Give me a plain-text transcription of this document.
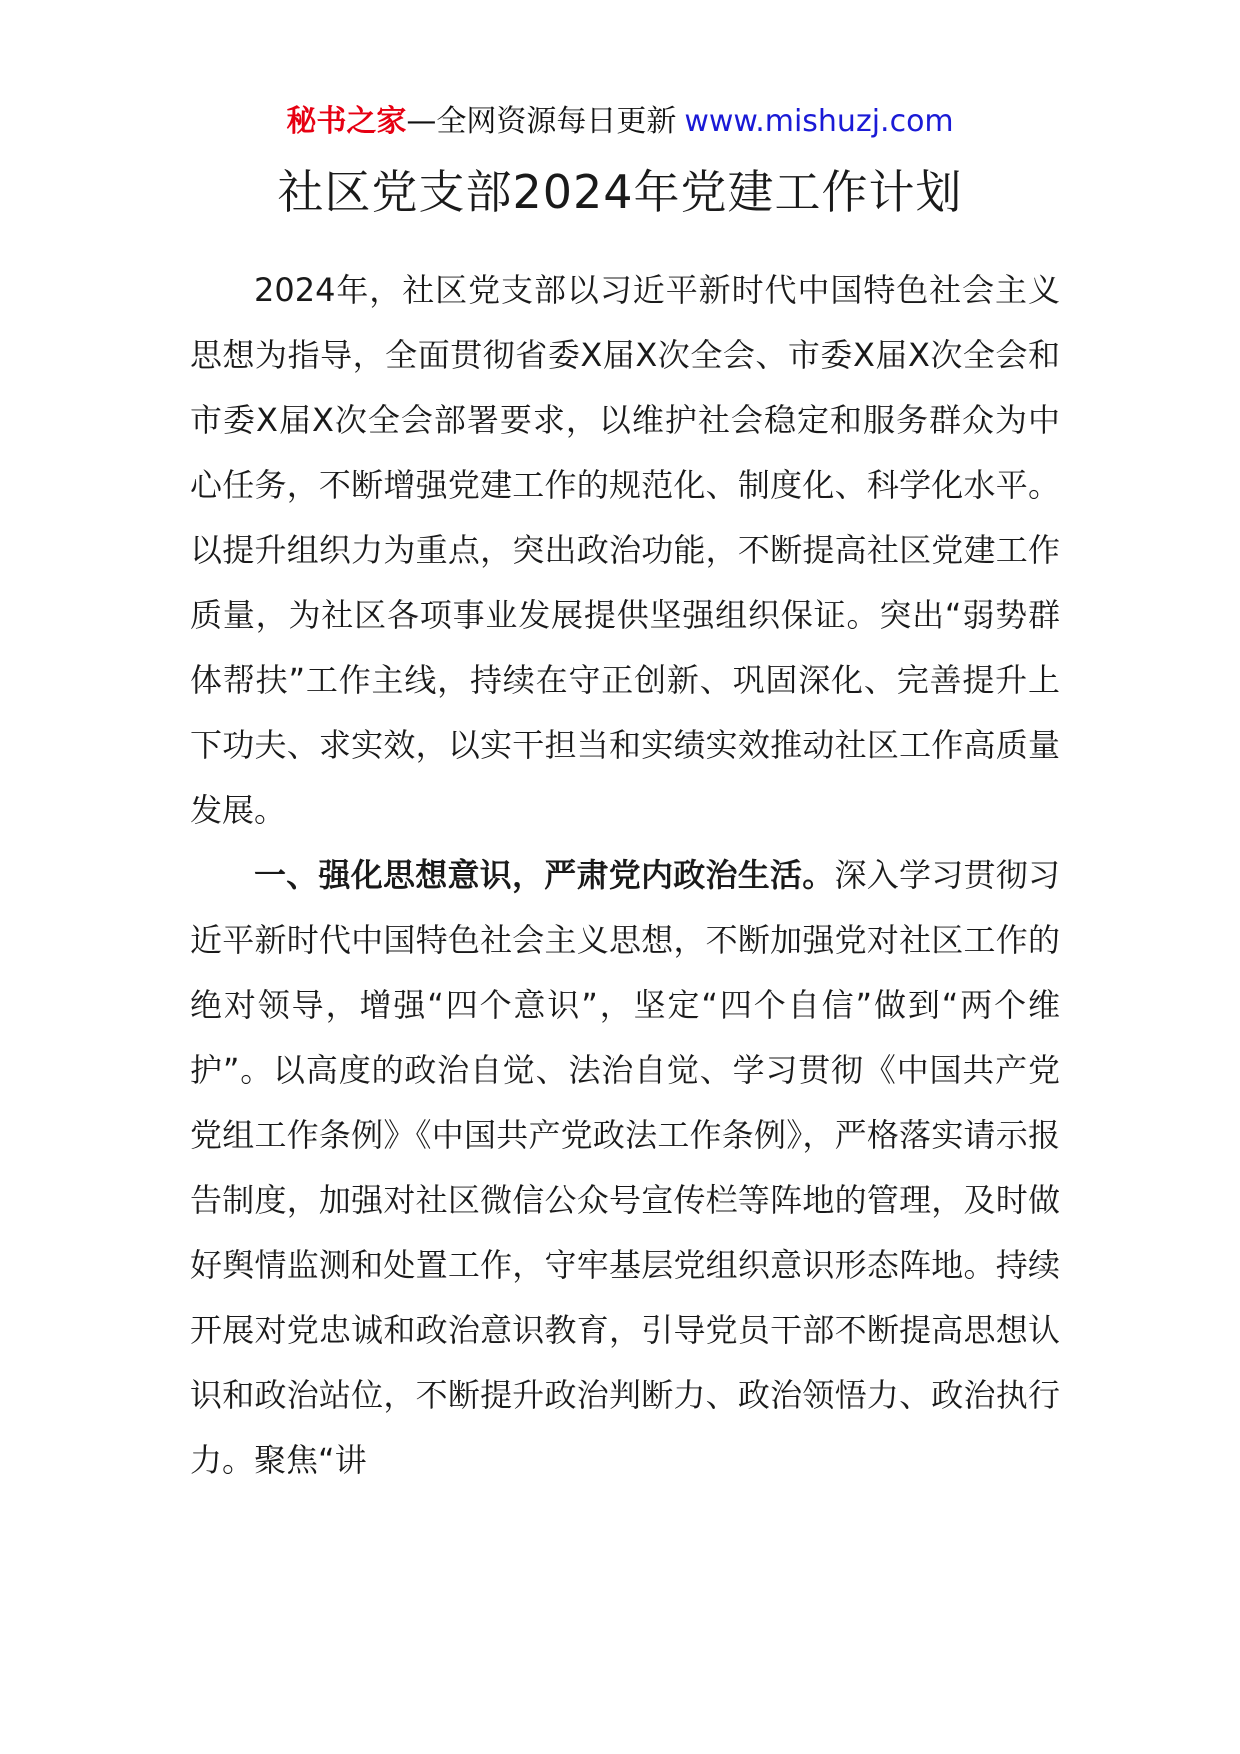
秘书之家—全网资源每日更新 www.mishuzj.com
社区党支部2024年党建工作计划

2024年，社区党支部以习近平新时代中国特色社会主义思想为指导，全面贯彻省委X届X次全会、市委X届X次全会和市委X届X次全会部署要求，以维护社会稳定和服务群众为中心任务，不断增强党建工作的规范化、制度化、科学化水平。以提升组织力为重点，突出政治功能，不断提高社区党建工作质量，为社区各项事业发展提供坚强组织保证。突出“弱势群体帮扶”工作主线，持续在守正创新、巩固深化、完善提升上下功夫、求实效，以实干担当和实绩实效推动社区工作高质量发展。

一、强化思想意识，严肃党内政治生活。深入学习贯彻习近平新时代中国特色社会主义思想，不断加强党对社区工作的绝对领导，增强“四个意识”，坚定“四个自信”做到“两个维护”。以高度的政治自觉、法治自觉、学习贯彻《中国共产党党组工作条例》《中国共产党政法工作条例》，严格落实请示报告制度，加强对社区微信公众号宣传栏等阵地的管理，及时做好舆情监测和处置工作，守牢基层党组织意识形态阵地。持续开展对党忠诚和政治意识教育，引导党员干部不断提高思想认识和政治站位，不断提升政治判断力、政治领悟力、政治执行力。聚焦“讲
